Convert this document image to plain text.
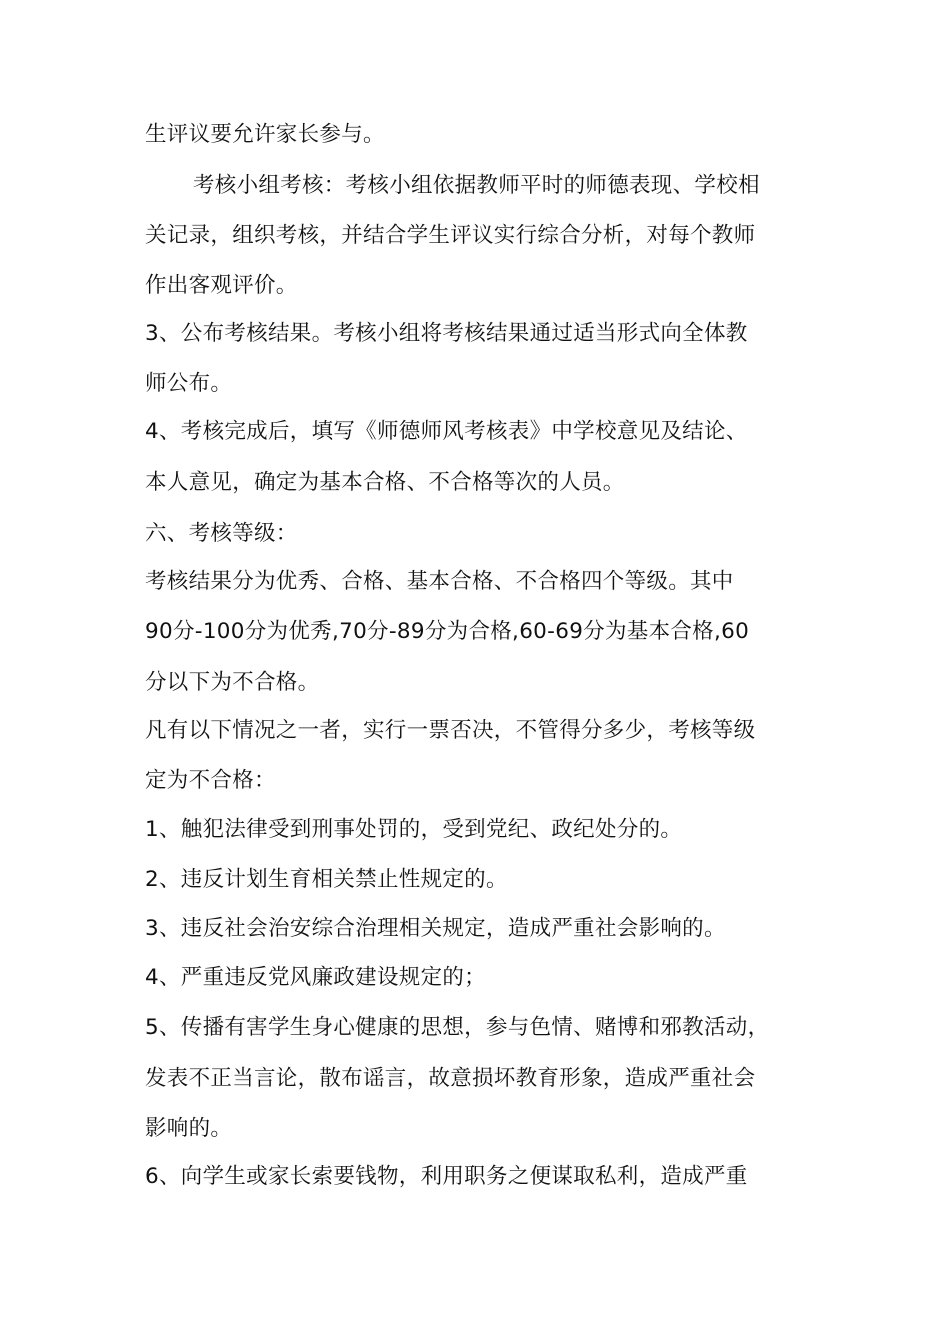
生评议要允许家长参与。
考核小组考核：考核小组依据教师平时的师德表现、学校相
关记录，组织考核，并结合学生评议实行综合分析，对每个教师
作出客观评价。
3、公布考核结果。考核小组将考核结果通过适当形式向全体教
师公布。
4、考核完成后，填写《师德师风考核表》中学校意见及结论、
本人意见，确定为基本合格、不合格等次的人员。
六、考核等级：
考核结果分为优秀、合格、基本合格、不合格四个等级。其中
90分-100分为优秀,70分-89分为合格,60-69分为基本合格,60
分以下为不合格。
凡有以下情况之一者，实行一票否决，不管得分多少，考核等级
定为不合格：
1、触犯法律受到刑事处罚的，受到党纪、政纪处分的。
2、违反计划生育相关禁止性规定的。
3、违反社会治安综合治理相关规定，造成严重社会影响的。
4、严重违反党风廉政建设规定的；
5、传播有害学生身心健康的思想，参与色情、赌博和邪教活动，
发表不正当言论，散布谣言，故意损坏教育形象，造成严重社会
影响的。
6、向学生或家长索要钱物，利用职务之便谋取私利，造成严重
